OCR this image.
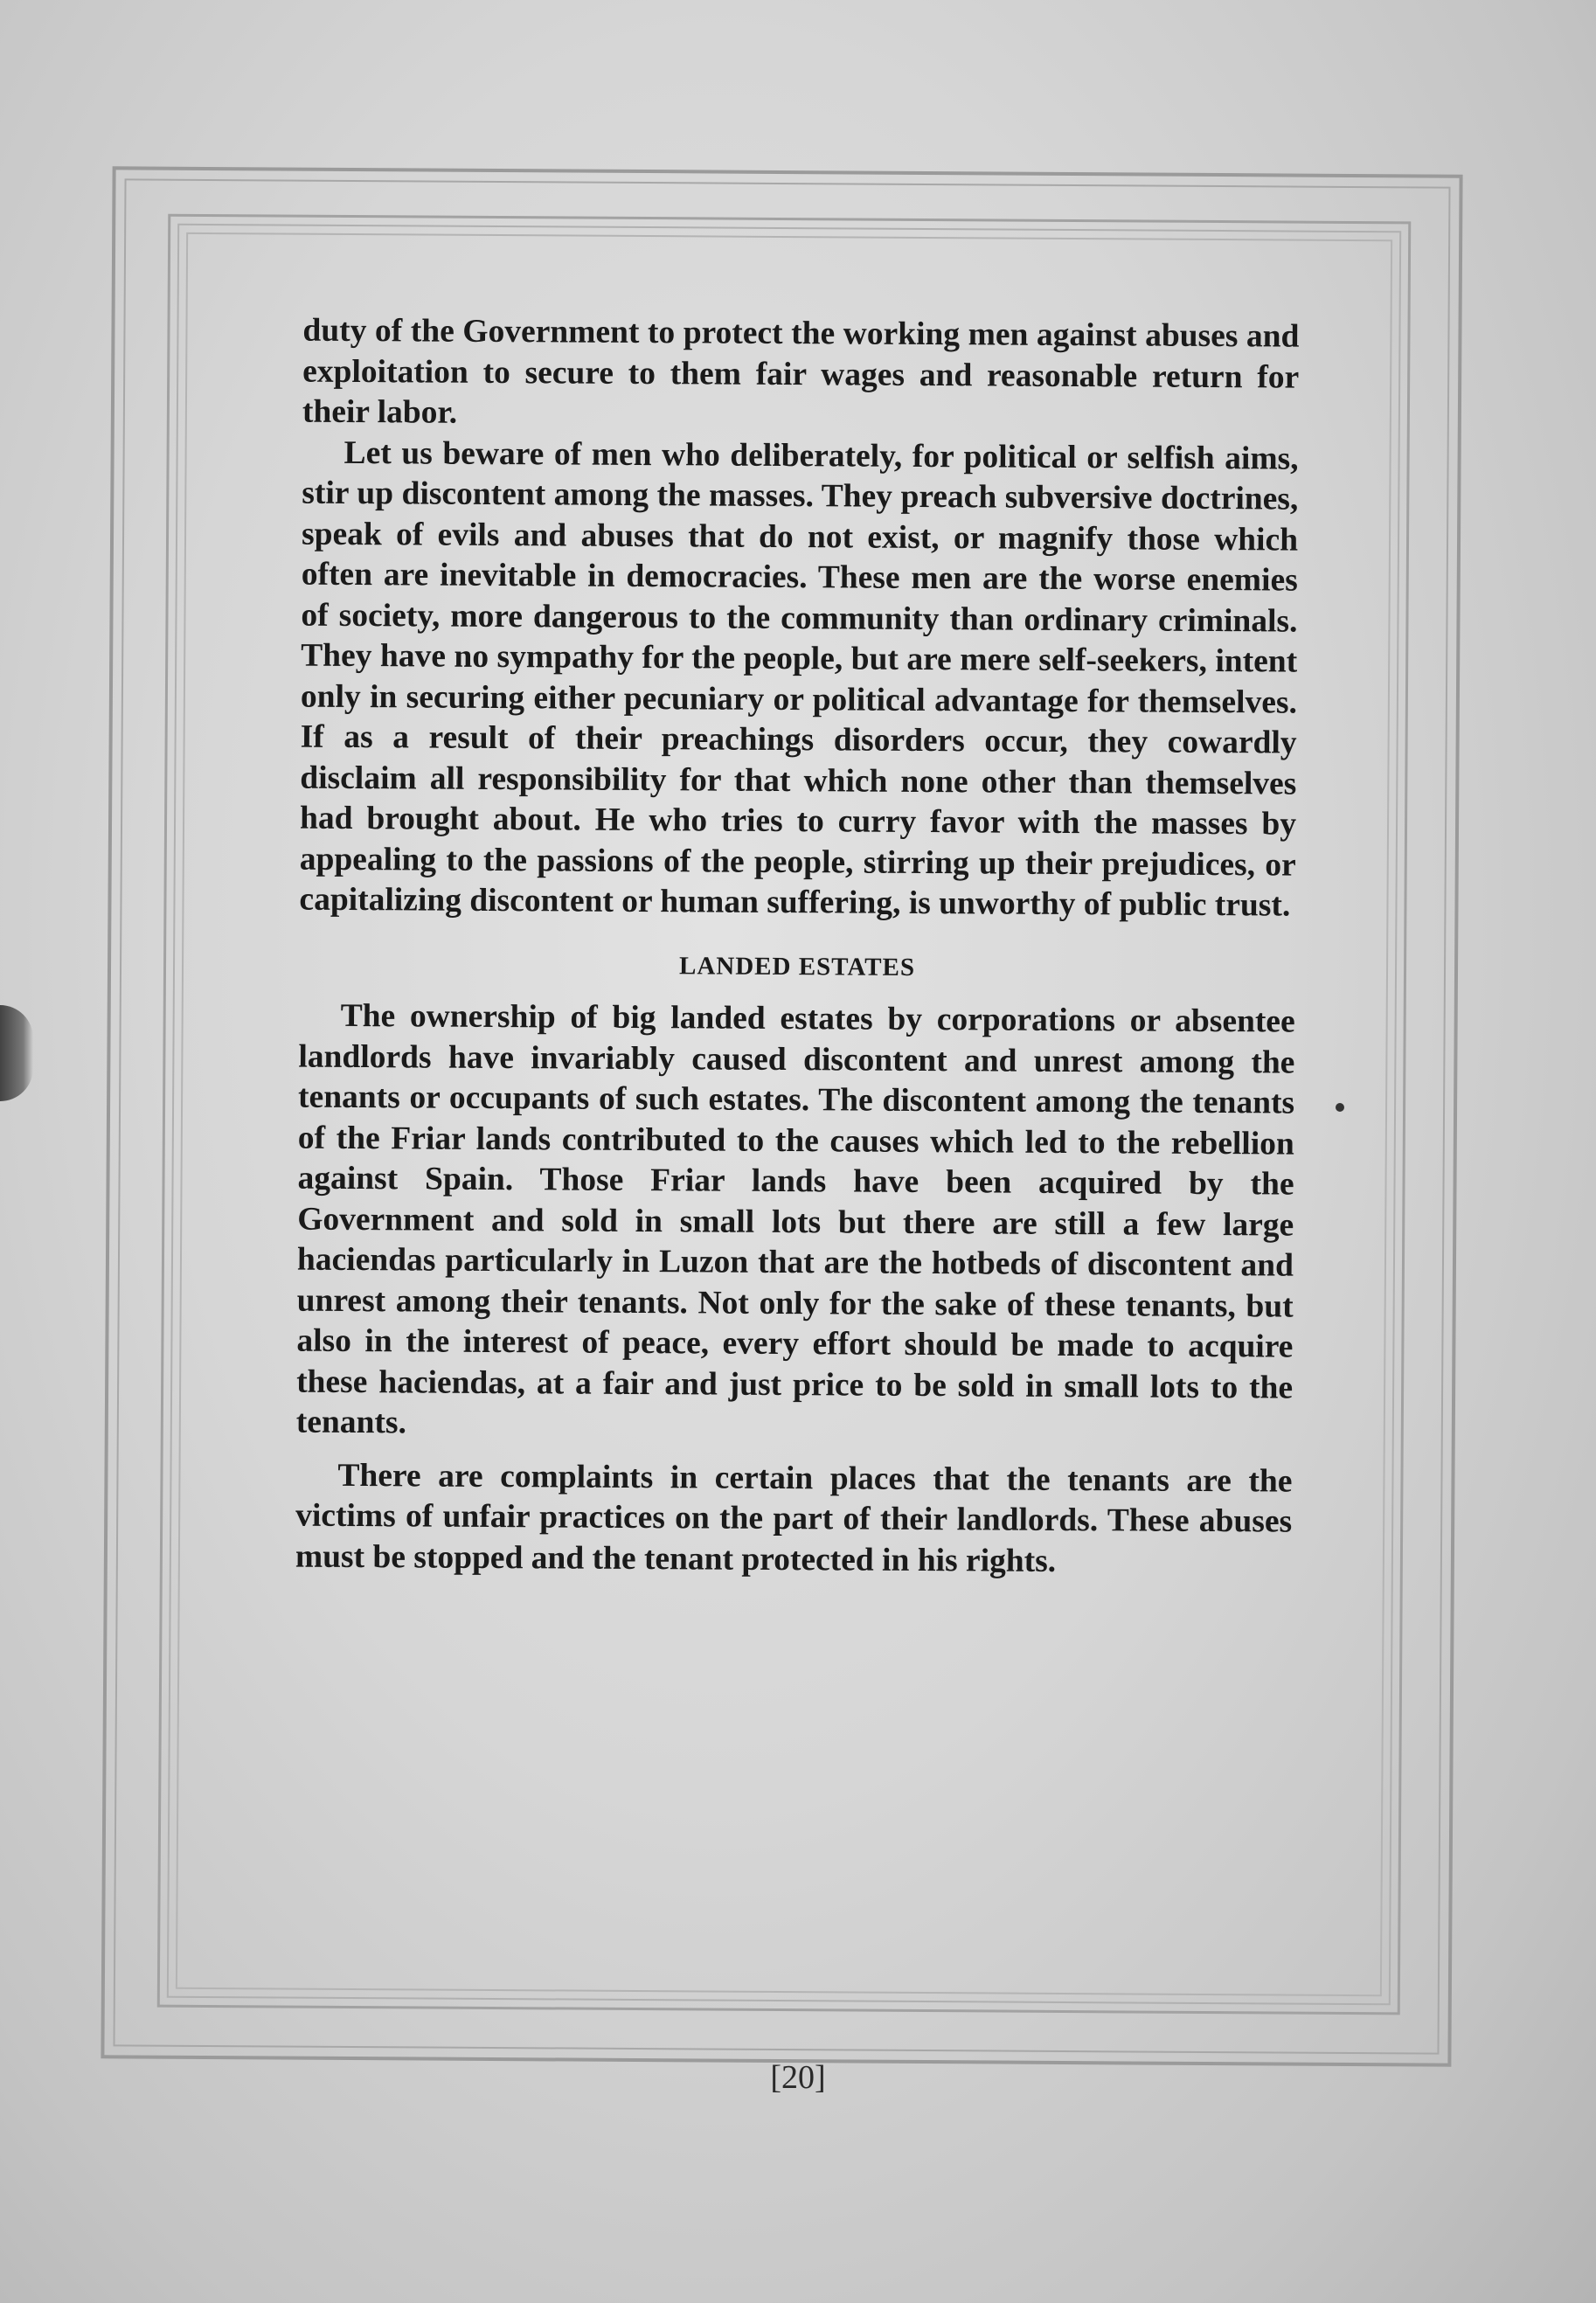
duty of the Government to protect the working men against abuses and exploitation to secure to them fair wages and reasonable return for their labor.

Let us beware of men who deliberately, for political or selfish aims, stir up discontent among the masses. They preach subversive doctrines, speak of evils and abuses that do not exist, or magnify those which often are inevitable in democracies. These men are the worse enemies of society, more dangerous to the community than ordinary criminals. They have no sympathy for the people, but are mere self-seekers, intent only in securing either pecuniary or political advantage for themselves. If as a result of their preachings disorders occur, they cowardly disclaim all responsibility for that which none other than themselves had brought about. He who tries to curry favor with the masses by appealing to the passions of the people, stirring up their prejudices, or capitalizing discontent or human suffering, is unworthy of public trust.

LANDED ESTATES

The ownership of big landed estates by corporations or absentee landlords have invariably caused discontent and unrest among the tenants or occupants of such estates. The discontent among the tenants of the Friar lands contributed to the causes which led to the rebellion against Spain. Those Friar lands have been acquired by the Government and sold in small lots but there are still a few large haciendas particularly in Luzon that are the hotbeds of discontent and unrest among their tenants. Not only for the sake of these tenants, but also in the interest of peace, every effort should be made to acquire these haciendas, at a fair and just price to be sold in small lots to the tenants.

There are complaints in certain places that the tenants are the victims of unfair practices on the part of their landlords. These abuses must be stopped and the tenant protected in his rights.

[20]
